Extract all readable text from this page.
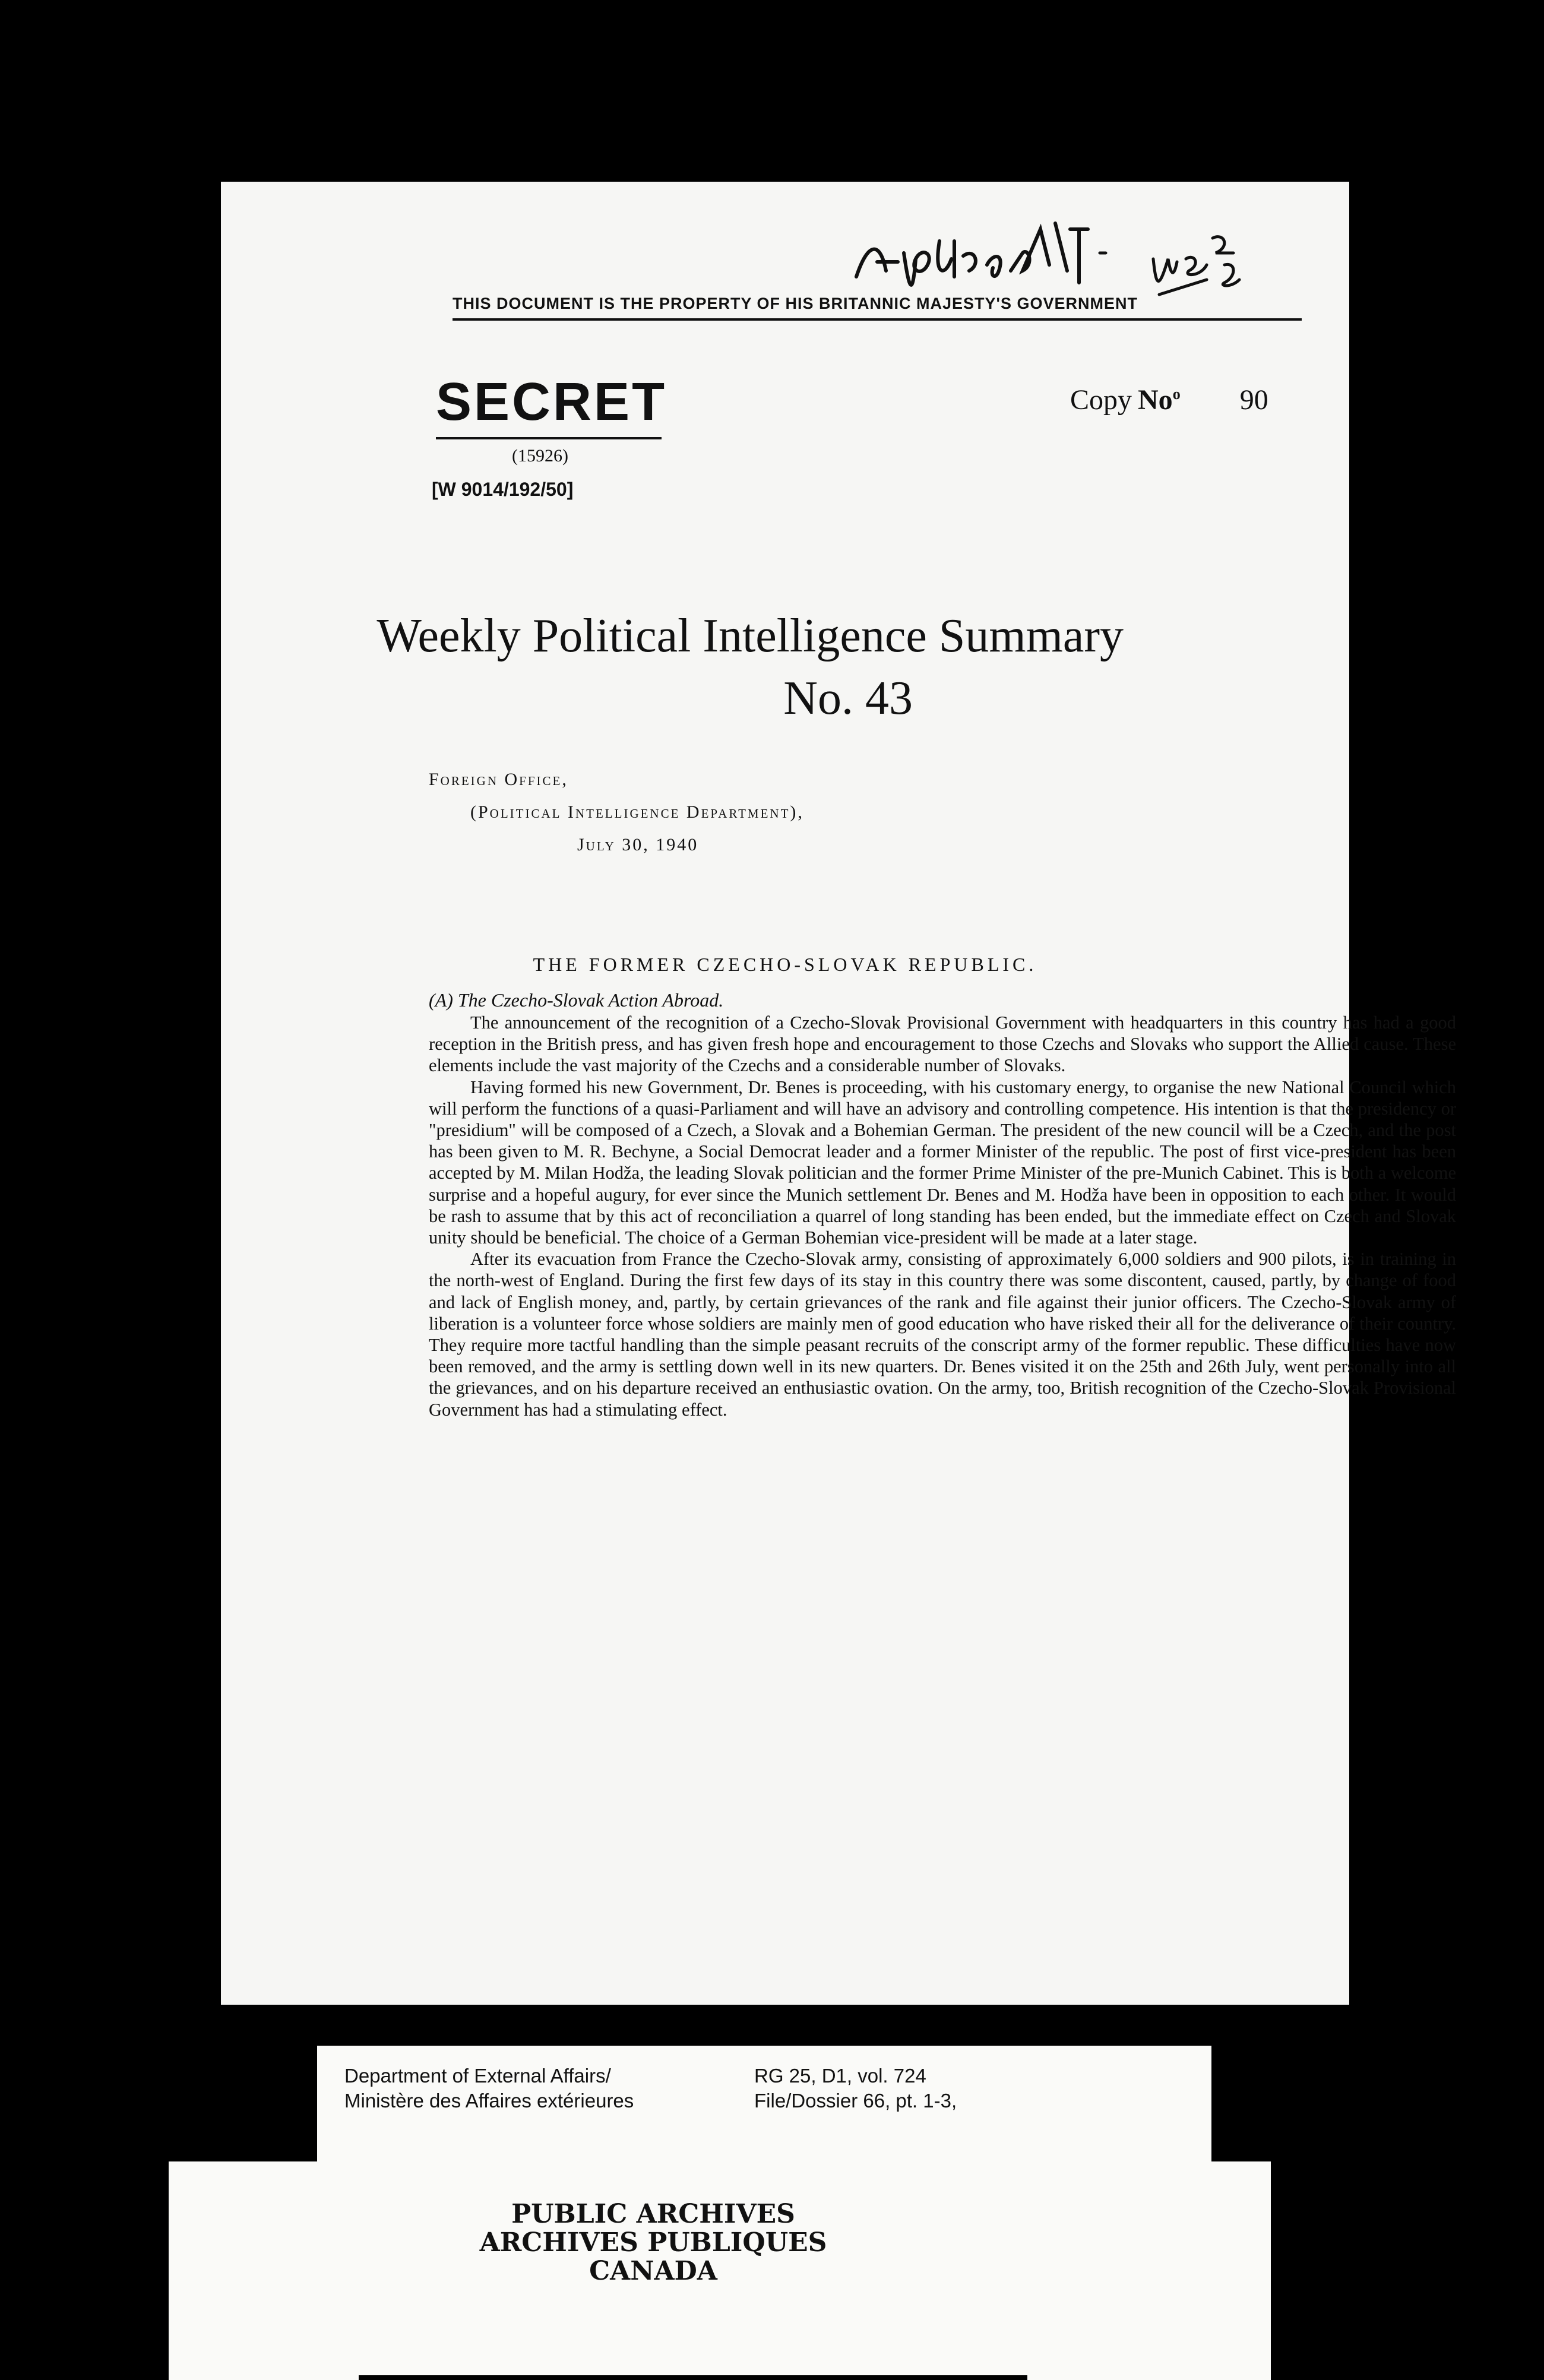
App. No. 2 "A" No. 25/6
THIS DOCUMENT IS THE PROPERTY OF HIS BRITANNIC MAJESTY'S GOVERNMENT
SECRET	Copy No$^o$ 90
(15926)
[W 9014/192/50]
Weekly Political Intelligence Summary
No. 43
Foreign Office,
(Political Intelligence Department),
July 30, 1940
THE FORMER CZECHO-SLOVAK REPUBLIC.
(A) The Czecho-Slovak Action Abroad.

The announcement of the recognition of a Czecho-Slovak Provisional Government with headquarters in this country has had a good reception in the British press, and has given fresh hope and encouragement to those Czechs and Slovaks who support the Allied cause. These elements include the vast majority of the Czechs and a considerable number of Slovaks.

Having formed his new Government, Dr. Benes is proceeding, with his customary energy, to organise the new National Council which will perform the functions of a quasi-Parliament and will have an advisory and controlling competence. His intention is that the presidency or "presidium" will be composed of a Czech, a Slovak and a Bohemian German. The president of the new council will be a Czech, and the post has been given to M. R. Bechyne, a Social Democrat leader and a former Minister of the republic. The post of first vice-president has been accepted by M. Milan Hodža, the leading Slovak politician and the former Prime Minister of the pre-Munich Cabinet. This is both a welcome surprise and a hopeful augury, for ever since the Munich settlement Dr. Benes and M. Hodža have been in opposition to each other. It would be rash to assume that by this act of reconciliation a quarrel of long standing has been ended, but the immediate effect on Czech and Slovak unity should be beneficial. The choice of a German Bohemian vice-president will be made at a later stage.

After its evacuation from France the Czecho-Slovak army, consisting of approximately 6,000 soldiers and 900 pilots, is in training in the north-west of England. During the first few days of its stay in this country there was some discontent, caused, partly, by change of food and lack of English money, and, partly, by certain grievances of the rank and file against their junior officers. The Czecho-Slovak army of liberation is a volunteer force whose soldiers are mainly men of good education who have risked their all for the deliverance of their country. They require more tactful handling than the simple peasant recruits of the conscript army of the former republic. These difficulties have now been removed, and the army is settling down well in its new quarters. Dr. Benes visited it on the 25th and 26th July, went personally into all the grievances, and on his departure received an enthusiastic ovation. On the army, too, British recognition of the Czecho-Slovak Provisional Government has had a stimulating effect.

Department of External Affairs/
Ministère des Affaires extérieures
RG 25, D1, vol. 724
File/Dossier 66, pt. 1-3,
PUBLIC ARCHIVES
ARCHIVES PUBLIQUES
CANADA
